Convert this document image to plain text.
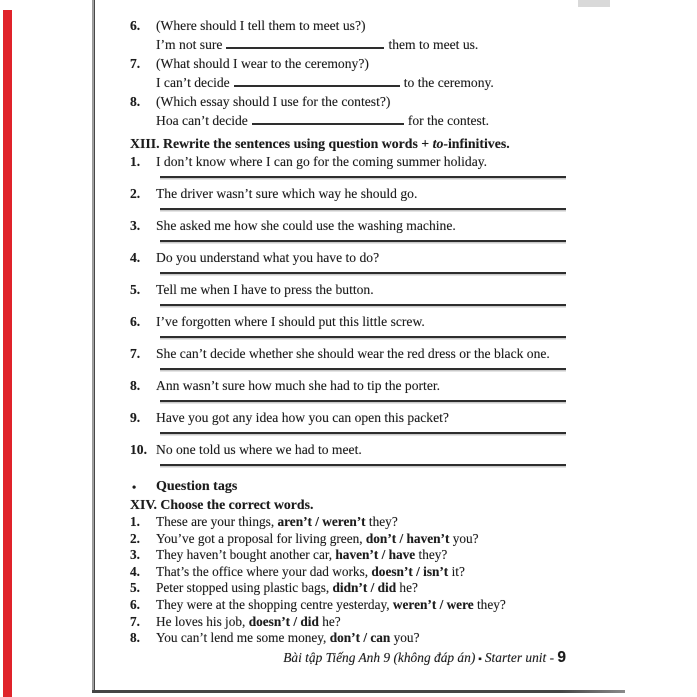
6.	(Where should I tell them to meet us?)
I’m not sure	them to meet us.
7.	(What should I wear to the ceremony?)
I can’t decide	to the ceremony.
8.	(Which essay should I use for the contest?)
Hoa can’t decide	for the contest.
XIII. Rewrite the sentences using question words + to-infinitives.
1.	I don’t know where I can go for the coming summer holiday.
2.	The driver wasn’t sure which way he should go.
3.	She asked me how she could use the washing machine.
4.	Do you understand what you have to do?
5.	Tell me when I have to press the button.
6.	I’ve forgotten where I should put this little screw.
7.	She can’t decide whether she should wear the red dress or the black one.
8.	Ann wasn’t sure how much she had to tip the porter.
9.	Have you got any idea how you can open this packet?
10. No one told us where we had to meet.
•	Question tags
XIV. Choose the correct words.
1.	These are your things, aren’t / weren’t they?
2.	You’ve got a proposal for living green, don’t / haven’t you?
3.	They haven’t bought another car, haven’t / have they?
4.	That’s the office where your dad works, doesn’t / isn’t it?
5.	Peter stopped using plastic bags, didn’t / did he?
6.	They were at the shopping centre yesterday, weren’t / were they?
7.	He loves his job, doesn’t / did he?
8.	You can’t lend me some money, don’t / can you?
Bài tập Tiếng Anh 9 (không đáp án) ▪ Starter unit - 9
